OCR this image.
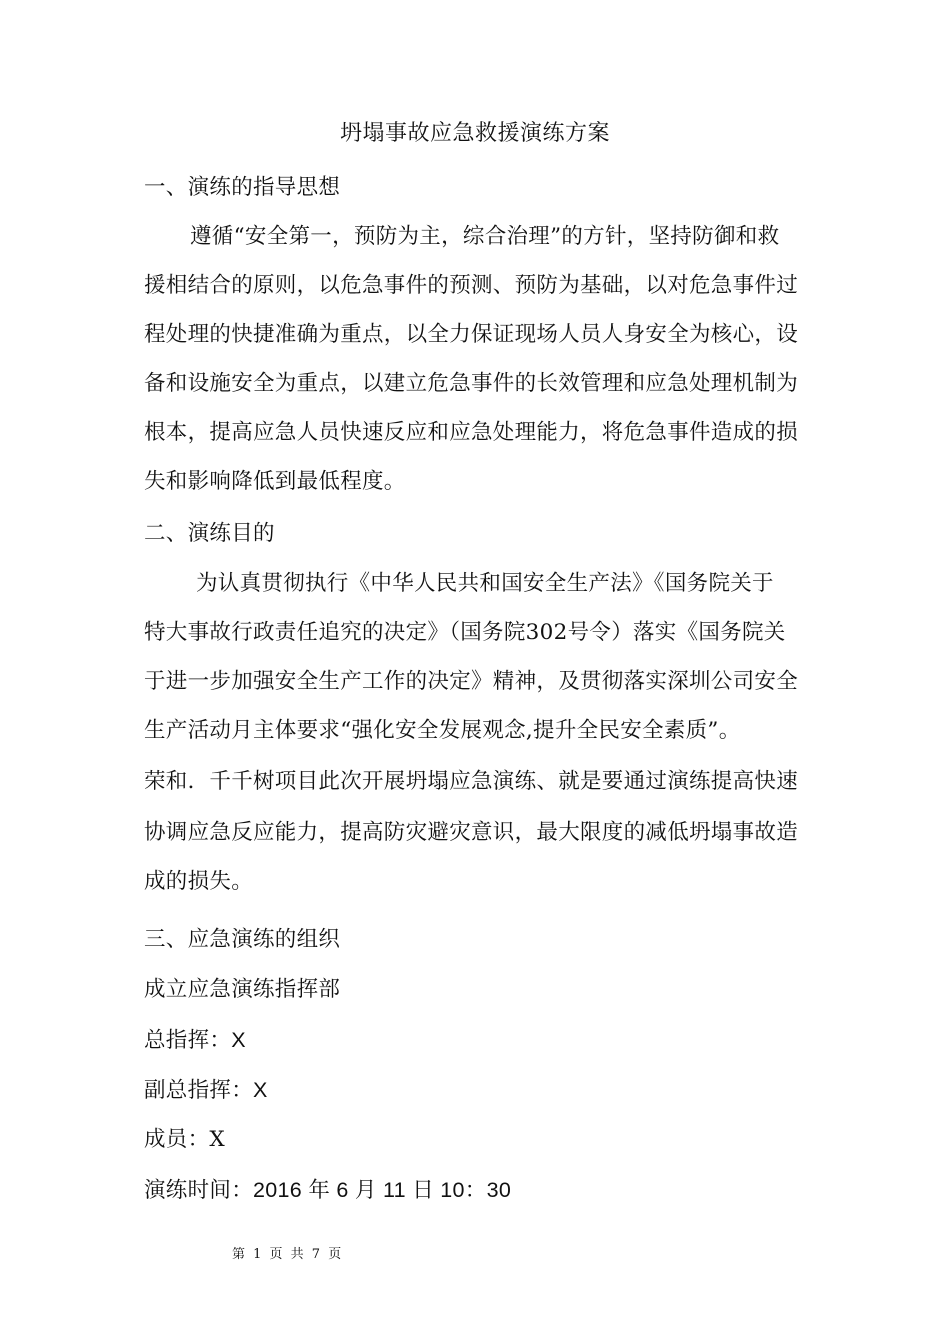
坍塌事故应急救援演练方案
一、演练的指导思想
遵循“安全第一，预防为主，综合治理”的方针，坚持防御和救
援相结合的原则，以危急事件的预测、预防为基础，以对危急事件过
程处理的快捷准确为重点，以全力保证现场人员人身安全为核心，设
备和设施安全为重点，以建立危急事件的长效管理和应急处理机制为
根本，提高应急人员快速反应和应急处理能力，将危急事件造成的损
失和影响降低到最低程度。
二、演练目的
为认真贯彻执行《中华人民共和国安全生产法》《国务院关于
特大事故行政责任追究的决定》（国务院302号令）落实《国务院关
于进一步加强安全生产工作的决定》精神，及贯彻落实深圳公司安全
生产活动月主体要求“强化安全发展观念,提升全民安全素质”。
荣和．千千树项目此次开展坍塌应急演练、就是要通过演练提高快速
协调应急反应能力，提高防灾避灾意识，最大限度的减低坍塌事故造
成的损失。
三、应急演练的组织
成立应急演练指挥部
总指挥：X
副总指挥：X
成员：X
演练时间：2016 年 6 月 11 日 10：30
第 1 页 共 7 页
